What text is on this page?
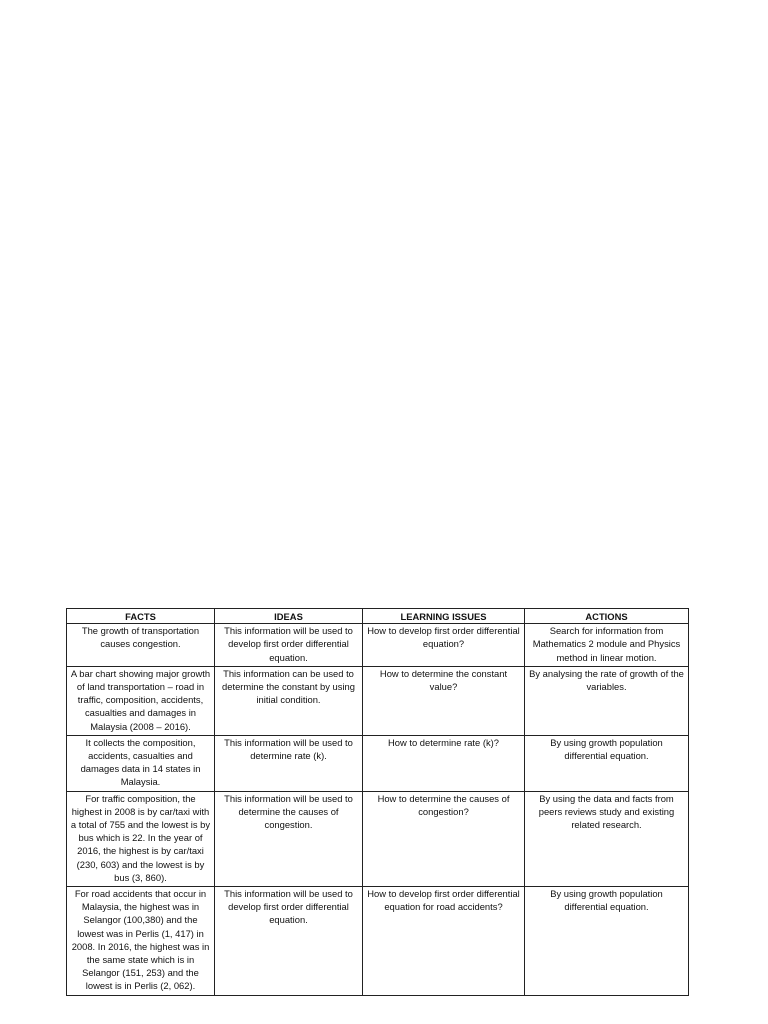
FACTS	IDEAS	LEARNING ISSUES	ACTIONS
The growth of transportation causes congestion.	This information will be used to develop first order differential equation.	How to develop first order differential equation?	Search for information from Mathematics 2 module and Physics method in linear motion.
A bar chart showing major growth of land transportation – road in traffic, composition, accidents, casualties and damages in Malaysia (2008 – 2016).	This information can be used to determine the constant by using initial condition.	How to determine the constant value?	By analysing the rate of growth of the variables.
It collects the composition, accidents, casualties and damages data in 14 states in Malaysia.	This information will be used to determine rate (k).	How to determine rate (k)?	By using growth population differential equation.
For traffic composition, the highest in 2008 is by car/taxi with a total of 755 and the lowest is by bus which is 22. In the year of 2016, the highest is by car/taxi (230, 603) and the lowest is by bus (3, 860).	This information will be used to determine the causes of congestion.	How to determine the causes of congestion?	By using the data and facts from peers reviews study and existing related research.
For road accidents that occur in Malaysia, the highest was in Selangor (100,380) and the lowest was in Perlis (1, 417) in 2008. In 2016, the highest was in the same state which is in Selangor (151, 253) and the lowest is in Perlis (2, 062).	This information will be used to develop first order differential equation.	How to develop first order differential equation for road accidents?	By using growth population differential equation.
